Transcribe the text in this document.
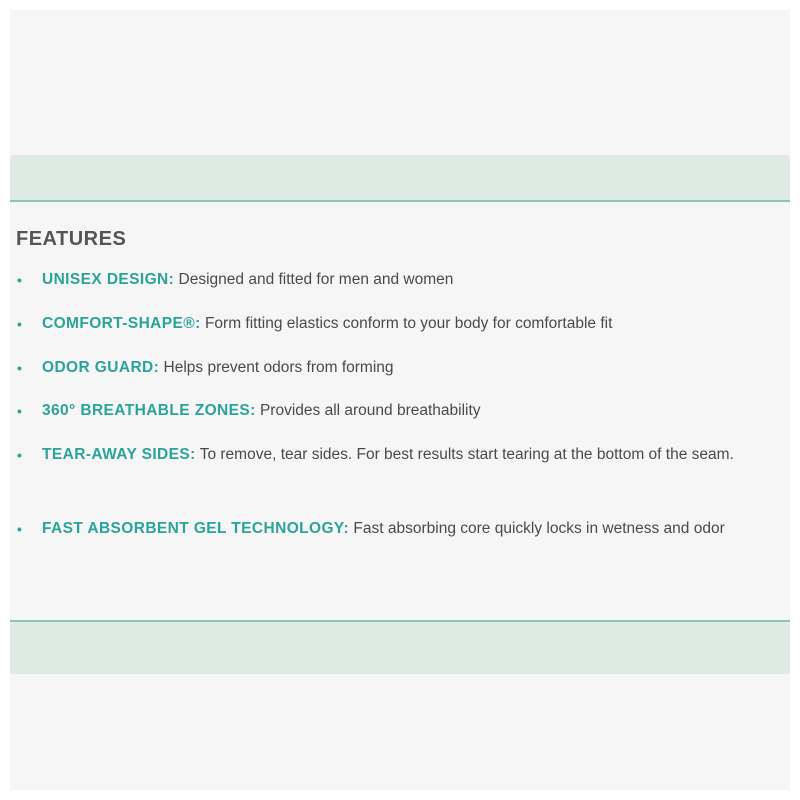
FEATURES
• UNISEX DESIGN: Designed and fitted for men and women
• COMFORT-SHAPE®: Form fitting elastics conform to your body for comfortable fit
• ODOR GUARD: Helps prevent odors from forming
• 360° BREATHABLE ZONES: Provides all around breathability
• TEAR-AWAY SIDES: To remove, tear sides. For best results start tearing at the bottom of the seam.
• FAST ABSORBENT GEL TECHNOLOGY: Fast absorbing core quickly locks in wetness and odor
